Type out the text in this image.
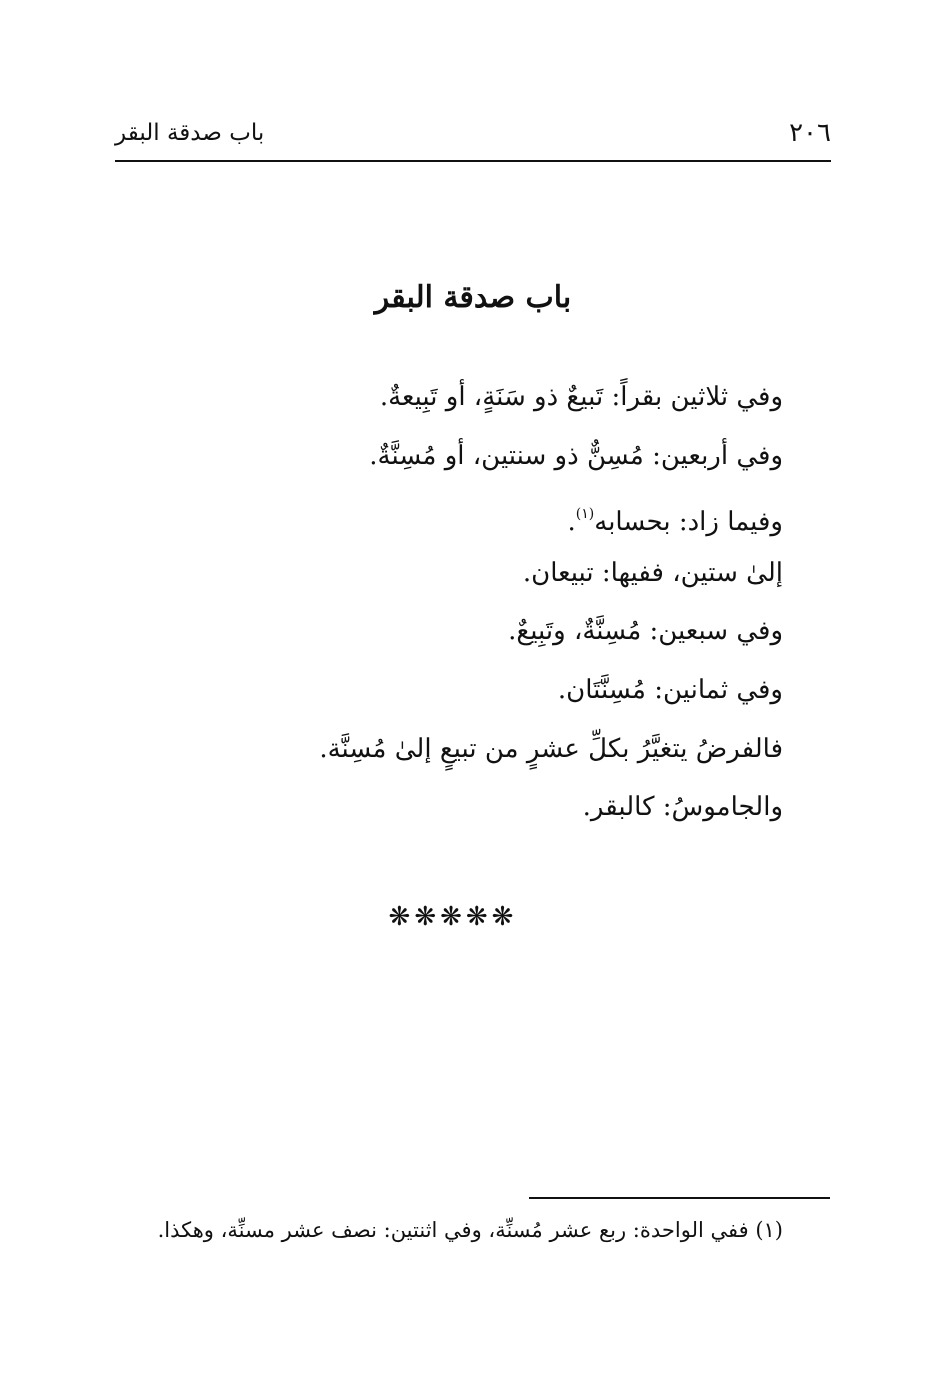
٢٠٦
باب صدقة البقر
باب صدقة البقر
وفي ثلاثين بقراً: تَبيعٌ ذو سَنَةٍ، أو تَبِيعةٌ.
وفي أربعين: مُسِنٌّ ذو سنتين، أو مُسِنَّةٌ.
وفيما زاد: بحسابه$^{(١)}$.
إلىٰ ستين، ففيها: تبيعان.
وفي سبعين: مُسِنَّةٌ، وتَبِيعٌ.
وفي ثمانين: مُسِنَّتَان.
فالفرضُ يتغيَّرُ بكلِّ عشرٍ من تبيعٍ إلىٰ مُسِنَّة.
والجاموسُ: كالبقر.
❋❋❋❋❋
(١) ففي الواحدة: ربع عشر مُسنِّة، وفي اثنتين: نصف عشر مسنِّة، وهكذا.
